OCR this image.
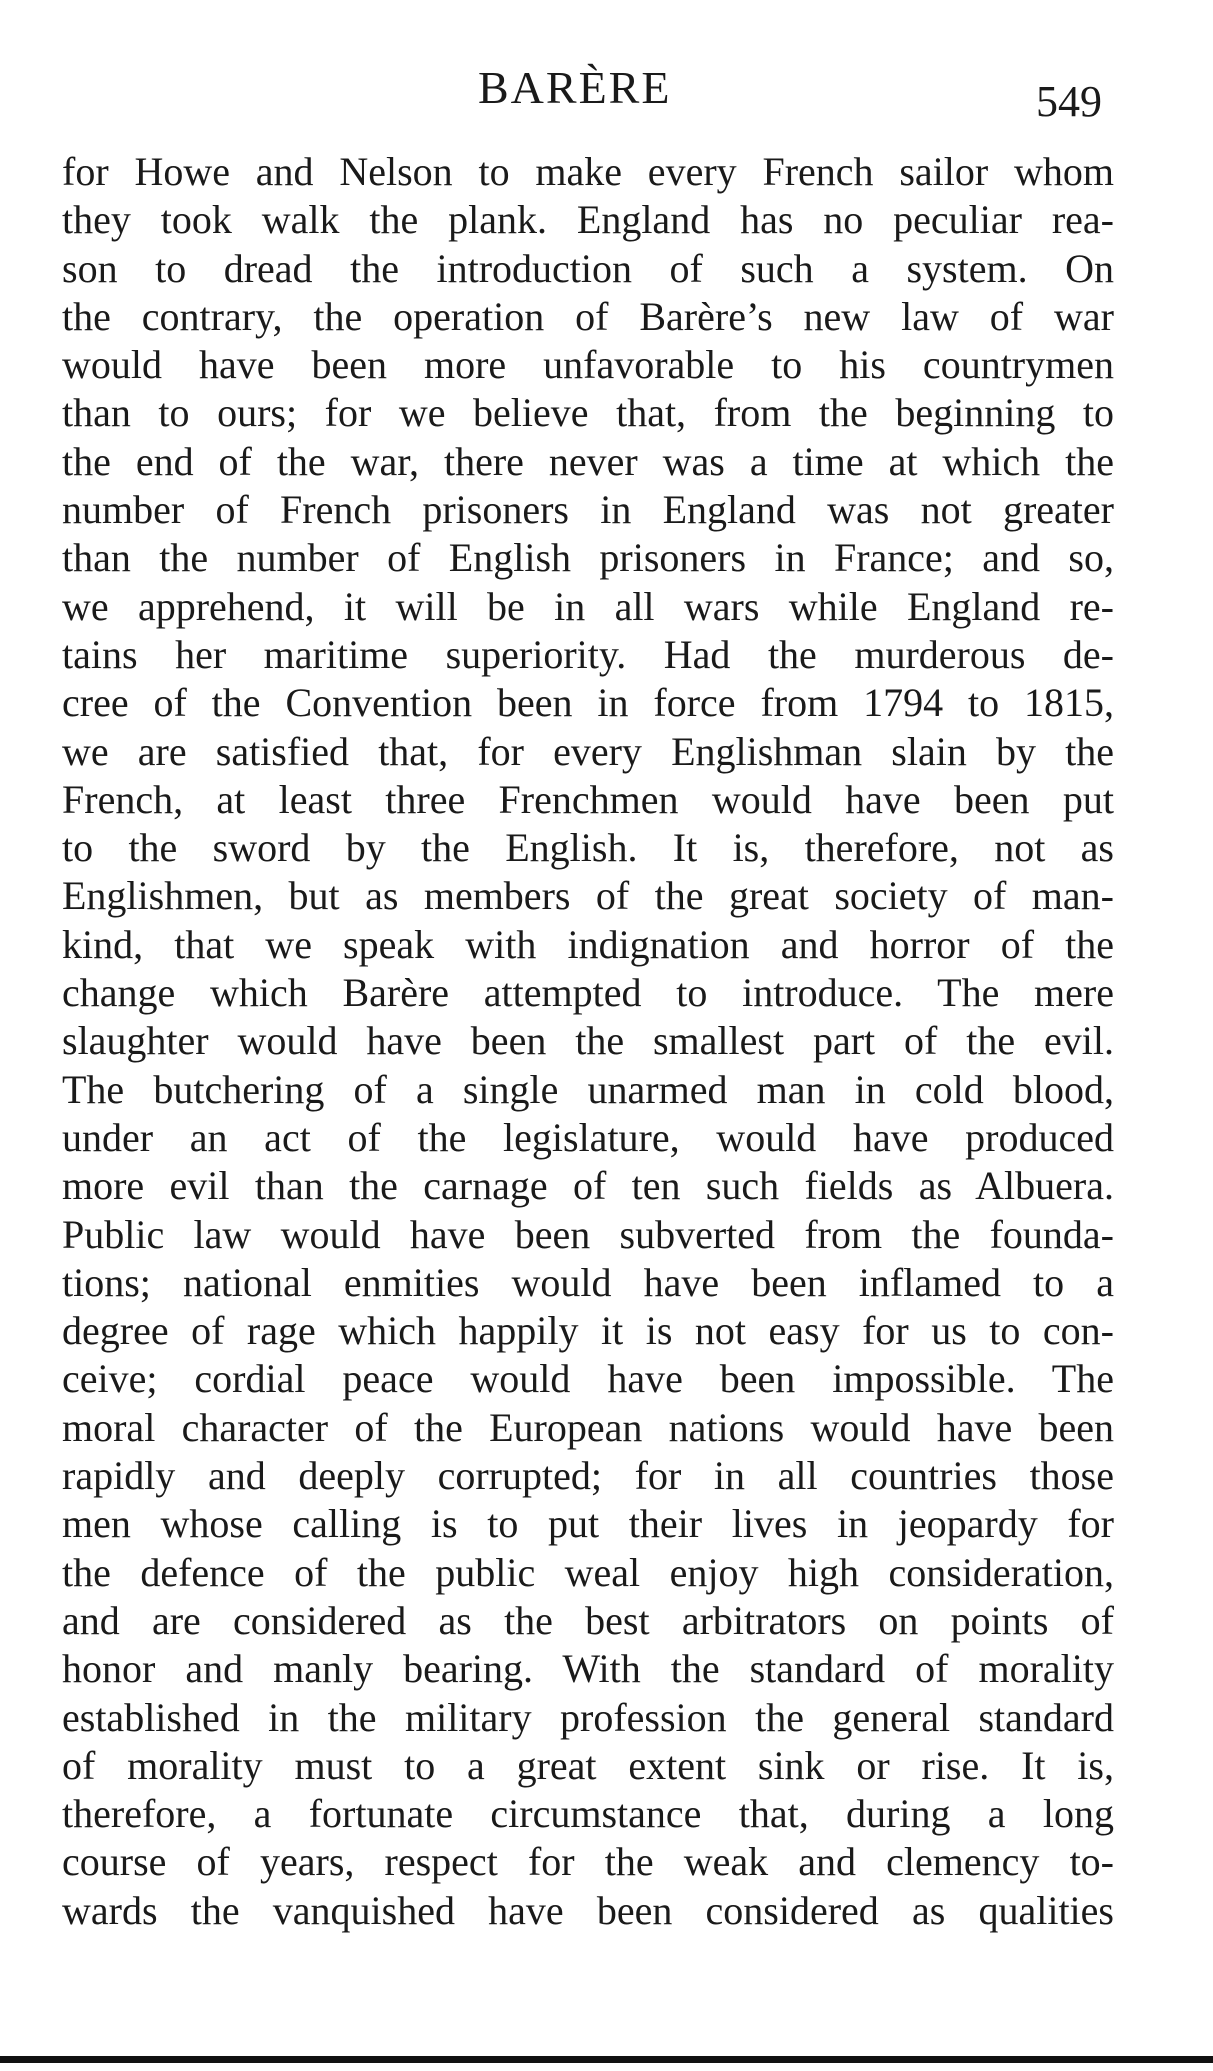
BARÈRE	549
for Howe and Nelson to make every French sailor whom
they took walk the plank. England has no peculiar rea-
son to dread the introduction of such a system. On
the contrary, the operation of Barère’s new law of war
would have been more unfavorable to his countrymen
than to ours; for we believe that, from the beginning to
the end of the war, there never was a time at which the
number of French prisoners in England was not greater
than the number of English prisoners in France; and so,
we apprehend, it will be in all wars while England re-
tains her maritime superiority. Had the murderous de-
cree of the Convention been in force from 1794 to 1815,
we are satisfied that, for every Englishman slain by the
French, at least three Frenchmen would have been put
to the sword by the English. It is, therefore, not as
Englishmen, but as members of the great society of man-
kind, that we speak with indignation and horror of the
change which Barère attempted to introduce. The mere
slaughter would have been the smallest part of the evil.
The butchering of a single unarmed man in cold blood,
under an act of the legislature, would have produced
more evil than the carnage of ten such fields as Albuera.
Public law would have been subverted from the founda-
tions; national enmities would have been inflamed to a
degree of rage which happily it is not easy for us to con-
ceive; cordial peace would have been impossible. The
moral character of the European nations would have been
rapidly and deeply corrupted; for in all countries those
men whose calling is to put their lives in jeopardy for
the defence of the public weal enjoy high consideration,
and are considered as the best arbitrators on points of
honor and manly bearing. With the standard of morality
established in the military profession the general standard
of morality must to a great extent sink or rise. It is,
therefore, a fortunate circumstance that, during a long
course of years, respect for the weak and clemency to-
wards the vanquished have been considered as qualities
